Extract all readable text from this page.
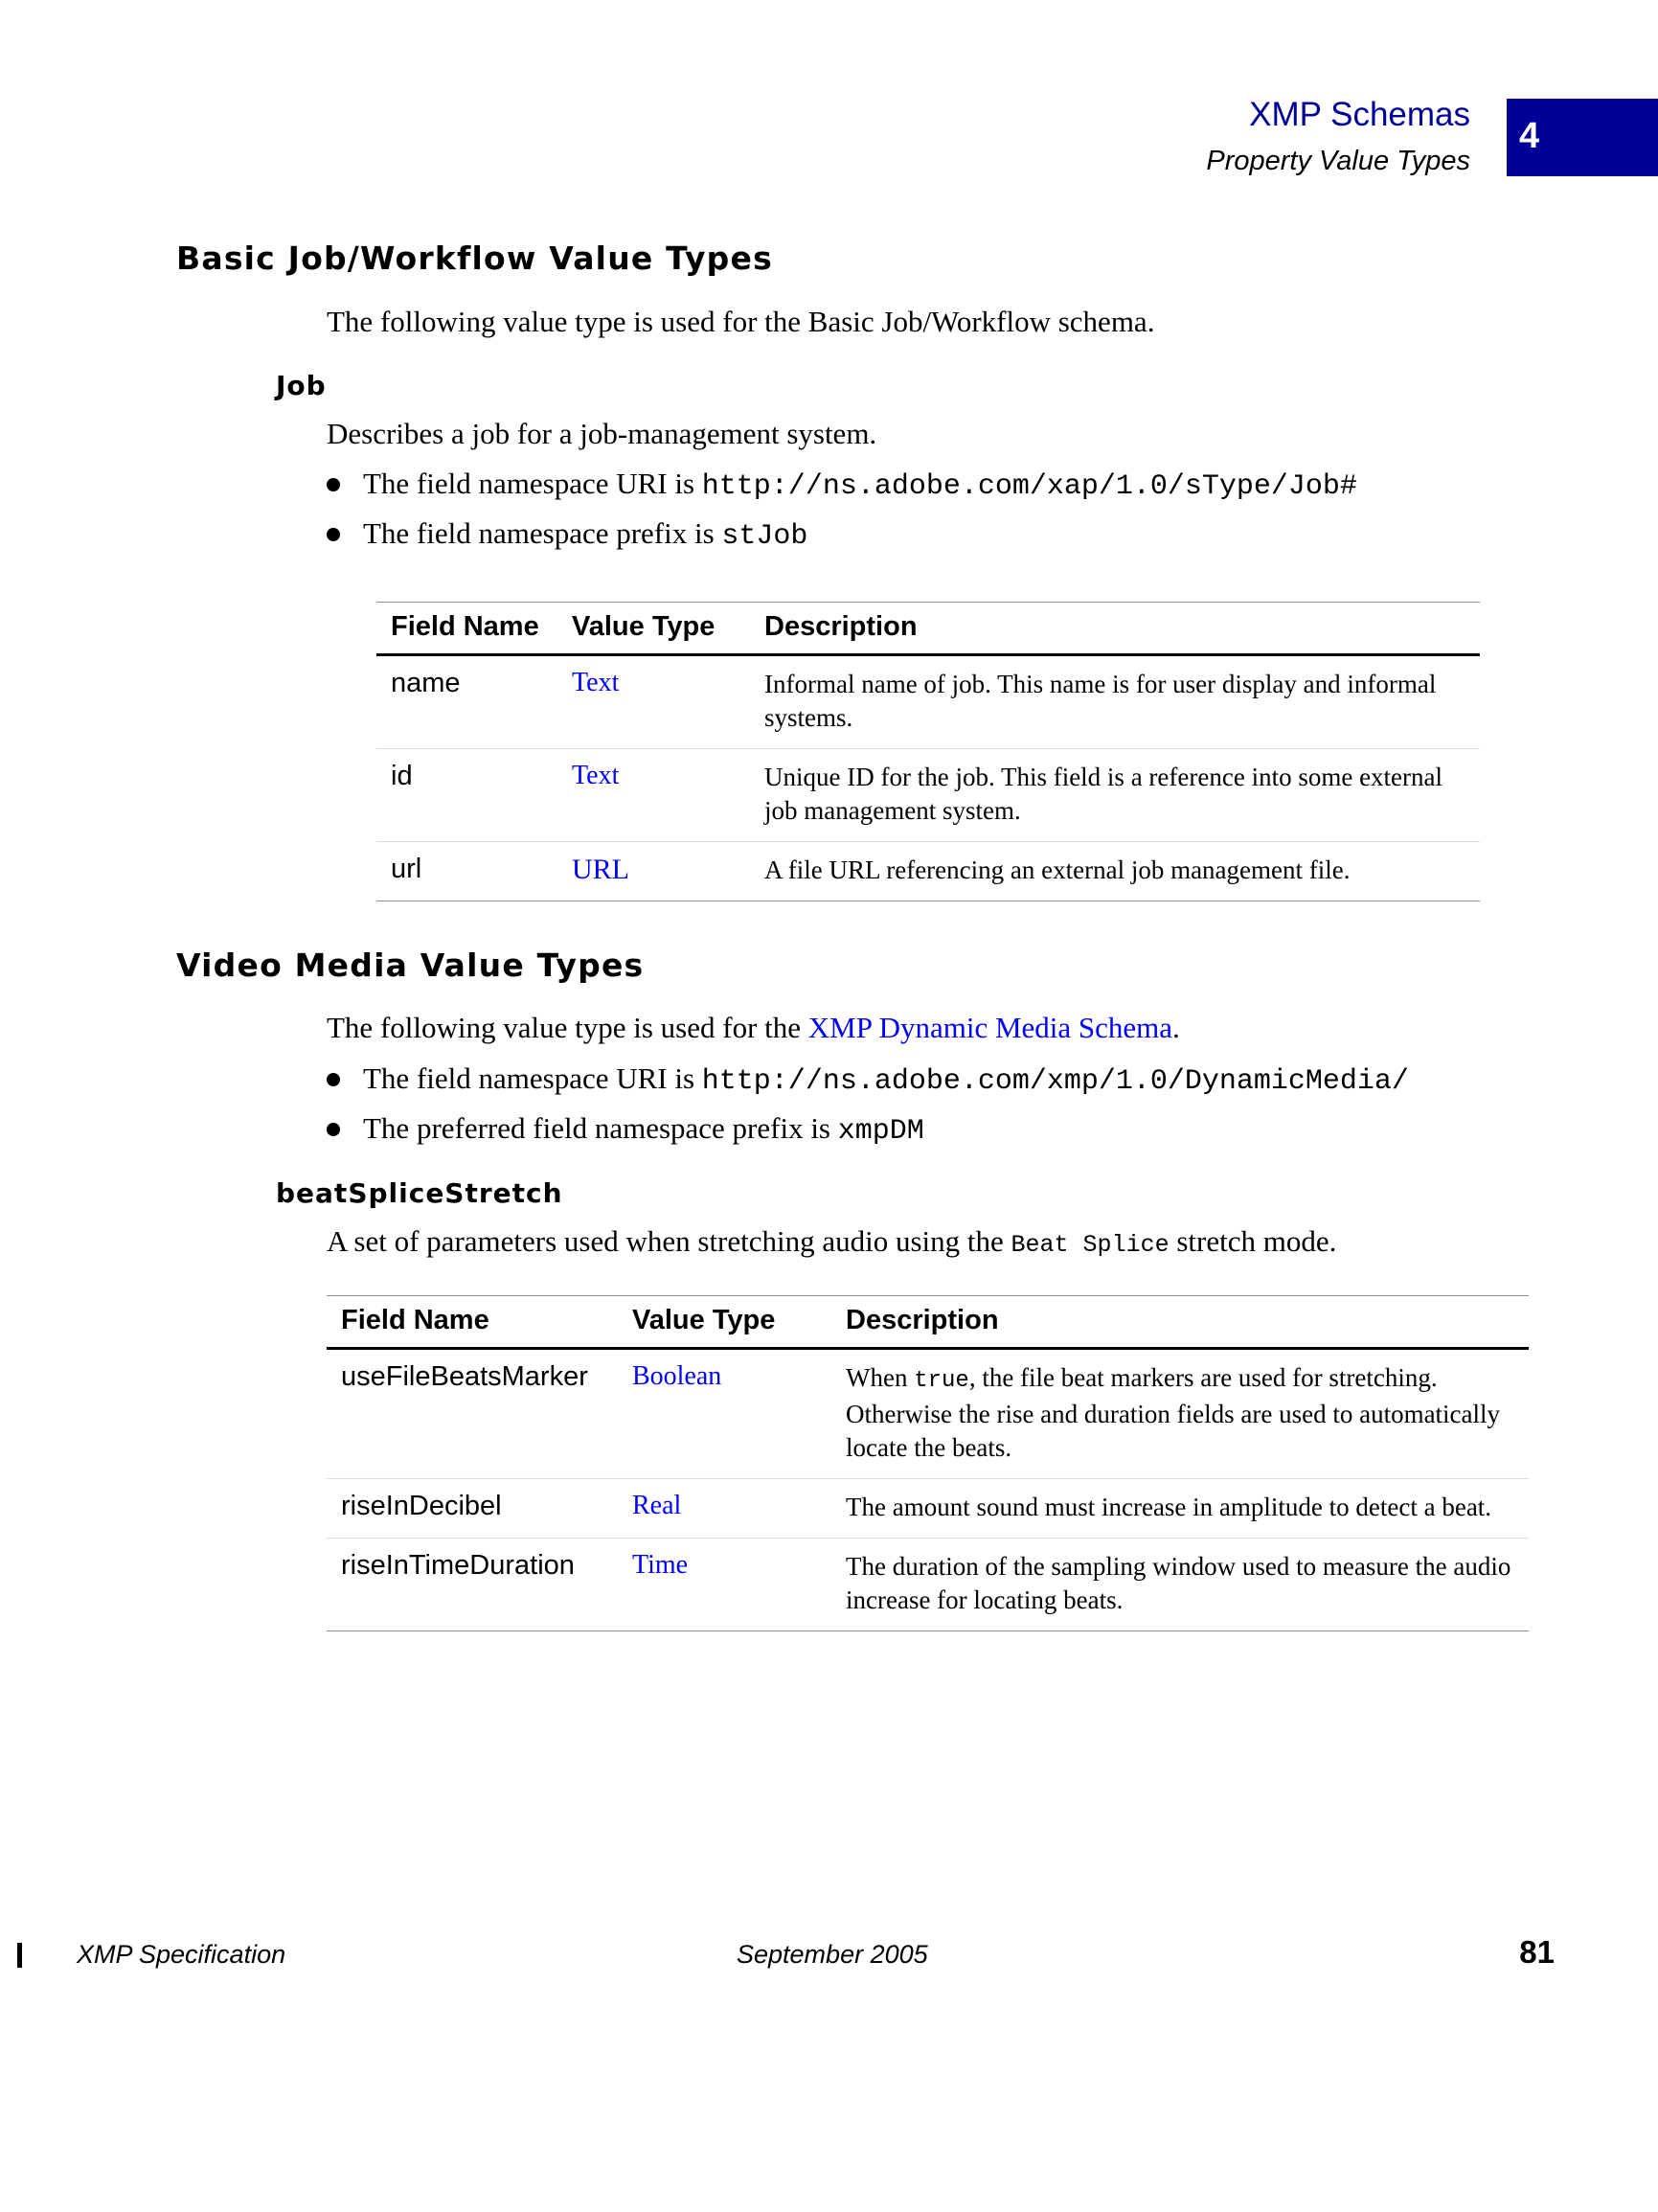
XMP Schemas
Property Value Types
4
Basic Job/Workflow Value Types
The following value type is used for the Basic Job/Workflow schema.
Job
Describes a job for a job-management system.
The field namespace URI is http://ns.adobe.com/xap/1.0/sType/Job#
The field namespace prefix is stJob
Field Name	Value Type	Description
name	Text	Informal name of job. This name is for user display and informal systems.
id	Text	Unique ID for the job. This field is a reference into some external job management system.
url	URL	A file URL referencing an external job management file.
Video Media Value Types
The following value type is used for the XMP Dynamic Media Schema.
The field namespace URI is http://ns.adobe.com/xmp/1.0/DynamicMedia/
The preferred field namespace prefix is xmpDM
beatSpliceStretch
A set of parameters used when stretching audio using the Beat Splice stretch mode.
Field Name	Value Type	Description
useFileBeatsMarker	Boolean	When true, the file beat markers are used for stretching. Otherwise the rise and duration fields are used to automatically locate the beats.
riseInDecibel	Real	The amount sound must increase in amplitude to detect a beat.
riseInTimeDuration	Time	The duration of the sampling window used to measure the audio increase for locating beats.
XMP Specification	September 2005	81
